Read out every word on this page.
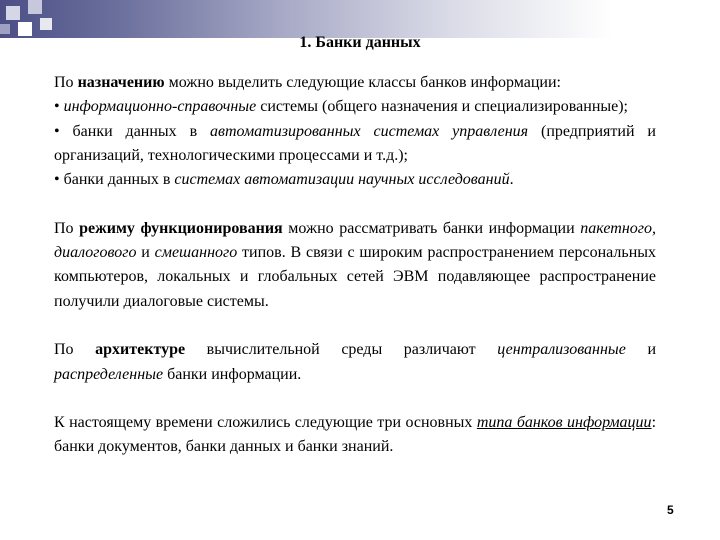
1. Банки данных

По назначению можно выделить следующие классы банков информации:

• информационно-справочные системы (общего назначения и специализированные);

• банки данных в автоматизированных системах управления (предприятий и организаций, технологическими процессами и т.д.);

• банки данных в системах автоматизации научных исследований.

По режиму функционирования можно рассматривать банки информации пакетного, диалогового и смешанного типов. В связи с широким распространением персональных компьютеров, локальных и глобальных сетей ЭВМ подавляющее распространение получили диалоговые системы.

По архитектуре вычислительной среды различают централизованные и распределенные банки информации.

К настоящему времени сложились следующие три основных типа банков информации: банки документов, банки данных и банки знаний.

5
